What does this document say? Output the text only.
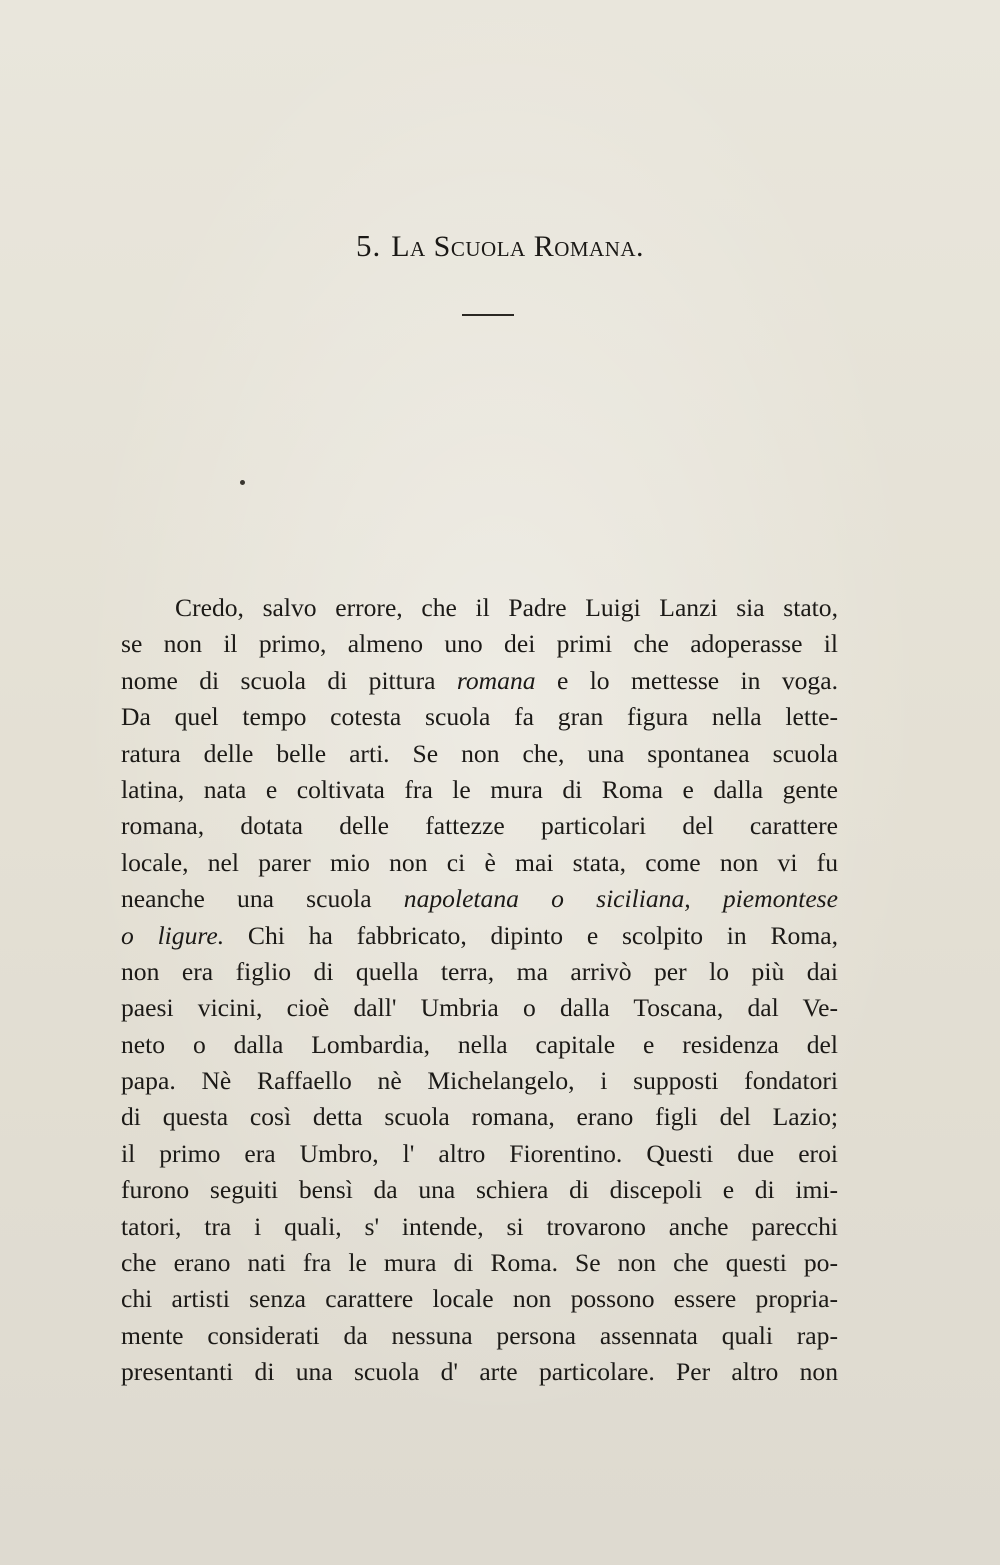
5. La Scuola Romana.
Credo, salvo errore, che il Padre Luigi Lanzi sia stato,
se non il primo, almeno uno dei primi che adoperasse il
nome di scuola di pittura romana e lo mettesse in voga.
Da quel tempo cotesta scuola fa gran figura nella lette-
ratura delle belle arti. Se non che, una spontanea scuola
latina, nata e coltivata fra le mura di Roma e dalla gente
romana, dotata delle fattezze particolari del carattere
locale, nel parer mio non ci è mai stata, come non vi fu
neanche una scuola napoletana o siciliana, piemontese
o ligure. Chi ha fabbricato, dipinto e scolpito in Roma,
non era figlio di quella terra, ma arrivò per lo più dai
paesi vicini, cioè dall' Umbria o dalla Toscana, dal Ve-
neto o dalla Lombardia, nella capitale e residenza del
papa. Nè Raffaello nè Michelangelo, i supposti fondatori
di questa così detta scuola romana, erano figli del Lazio;
il primo era Umbro, l' altro Fiorentino. Questi due eroi
furono seguiti bensì da una schiera di discepoli e di imi-
tatori, tra i quali, s' intende, si trovarono anche parecchi
che erano nati fra le mura di Roma. Se non che questi po-
chi artisti senza carattere locale non possono essere propria-
mente considerati da nessuna persona assennata quali rap-
presentanti di una scuola d' arte particolare. Per altro non
